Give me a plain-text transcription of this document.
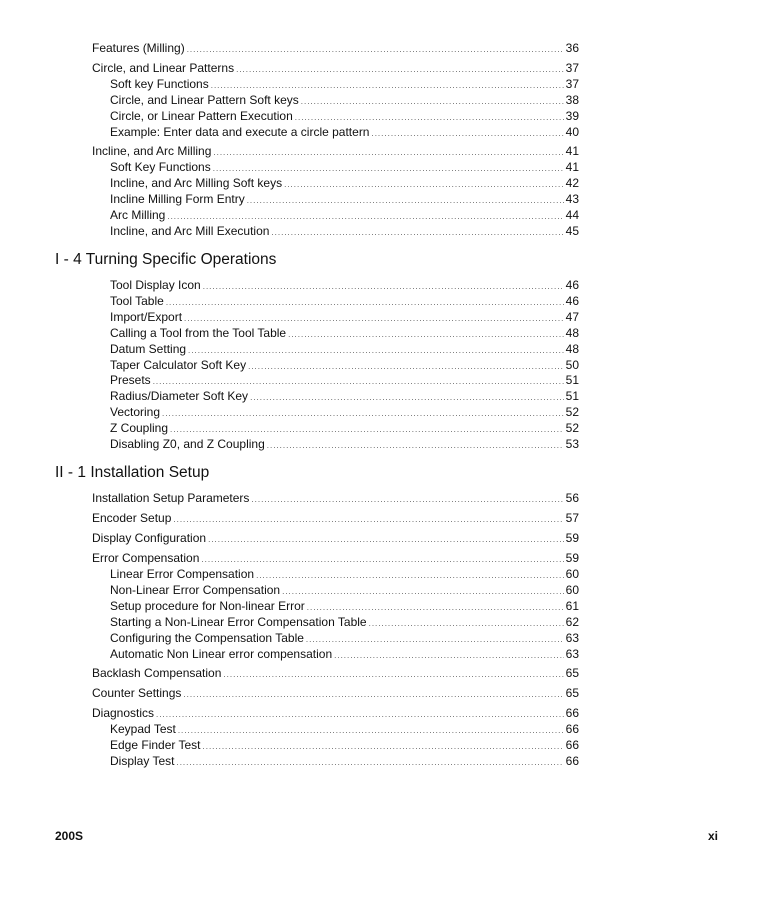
Features (Milling) .....	36
Circle, and Linear Patterns .....	37
Soft key Functions .....	37
Circle, and Linear Pattern Soft keys .....	38
Circle, or Linear Pattern Execution .....	39
Example: Enter data and execute a circle pattern .....	40
Incline, and Arc Milling .....	41
Soft Key Functions .....	41
Incline, and Arc Milling Soft keys .....	42
Incline Milling Form Entry .....	43
Arc Milling .....	44
Incline, and Arc Mill Execution .....	45
I - 4 Turning Specific Operations
Tool Display Icon .....	46
Tool Table .....	46
Import/Export .....	47
Calling a Tool from the Tool Table .....	48
Datum Setting .....	48
Taper Calculator Soft Key .....	50
Presets .....	51
Radius/Diameter Soft Key .....	51
Vectoring .....	52
Z Coupling .....	52
Disabling Z0, and Z Coupling .....	53
II - 1 Installation Setup
Installation Setup Parameters .....	56
Encoder Setup .....	57
Display Configuration .....	59
Error Compensation .....	59
Linear Error Compensation .....	60
Non-Linear Error Compensation .....	60
Setup procedure for Non-linear Error .....	61
Starting a Non-Linear Error Compensation Table .....	62
Configuring the Compensation Table .....	63
Automatic Non Linear error compensation .....	63
Backlash Compensation .....	65
Counter Settings .....	65
Diagnostics .....	66
Keypad Test .....	66
Edge Finder Test .....	66
Display Test .....	66
200S	xi
